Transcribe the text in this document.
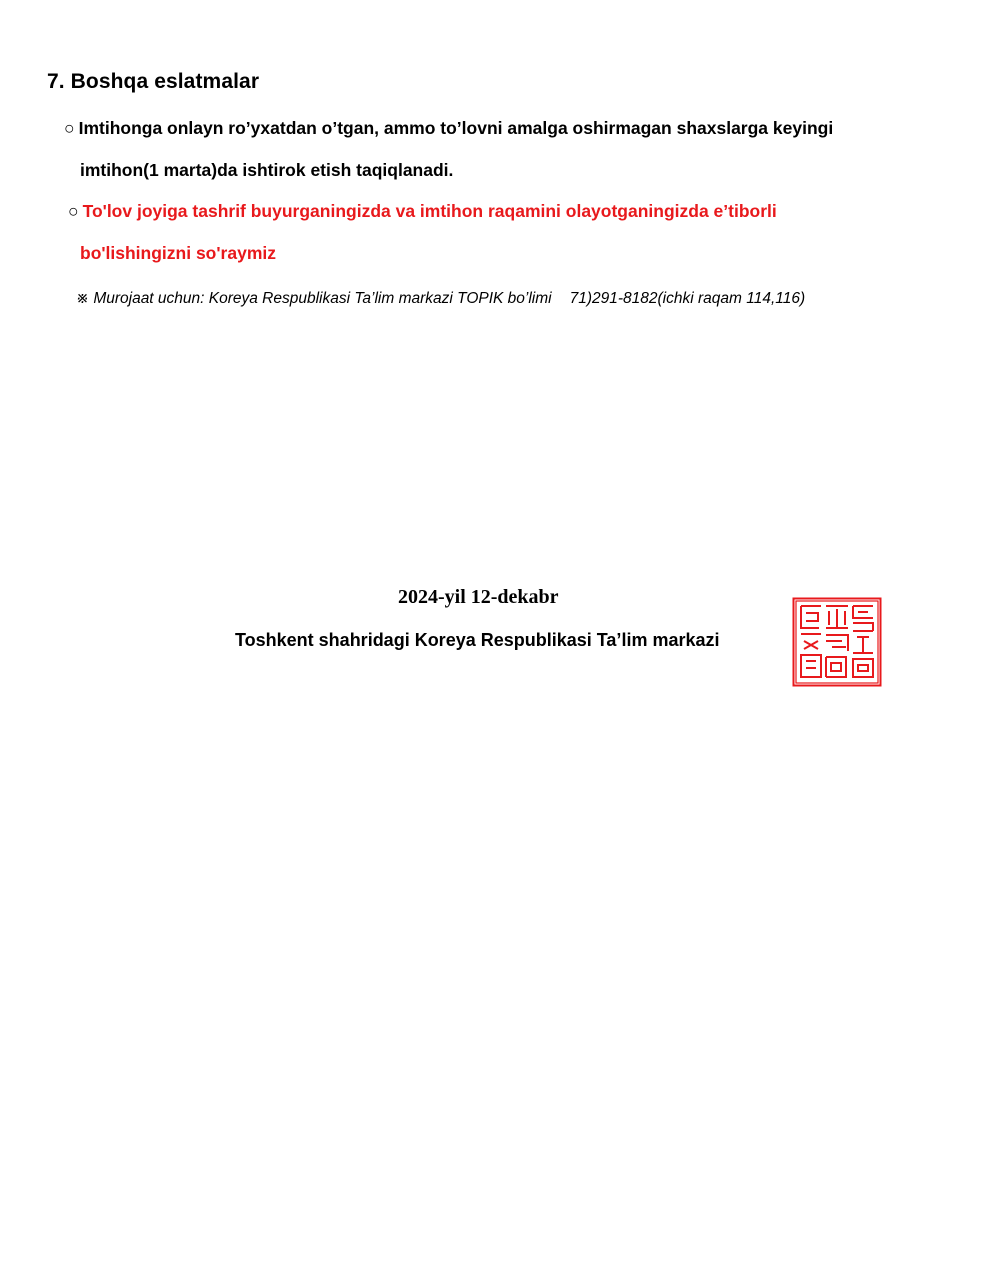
7. Boshqa eslatmalar
○ Imtihonga onlayn ro’yxatdan o’tgan, ammo to’lovni amalga oshirmagan shaxslarga keyingi
imtihon(1 marta)da ishtirok etish taqiqlanadi.
○ To'lov joyiga tashrif buyurganingizda va imtihon raqamini olayotganingizda e’tiborli
bo'lishingizni so'raymiz
※ Murojaat uchun: Koreya Respublikasi Ta’lim markazi TOPIK bo’limi 71)291-8182(ichki raqam 114,116)
2024-yil 12-dekabr
Toshkent shahridagi Koreya Respublikasi Ta’lim markazi
